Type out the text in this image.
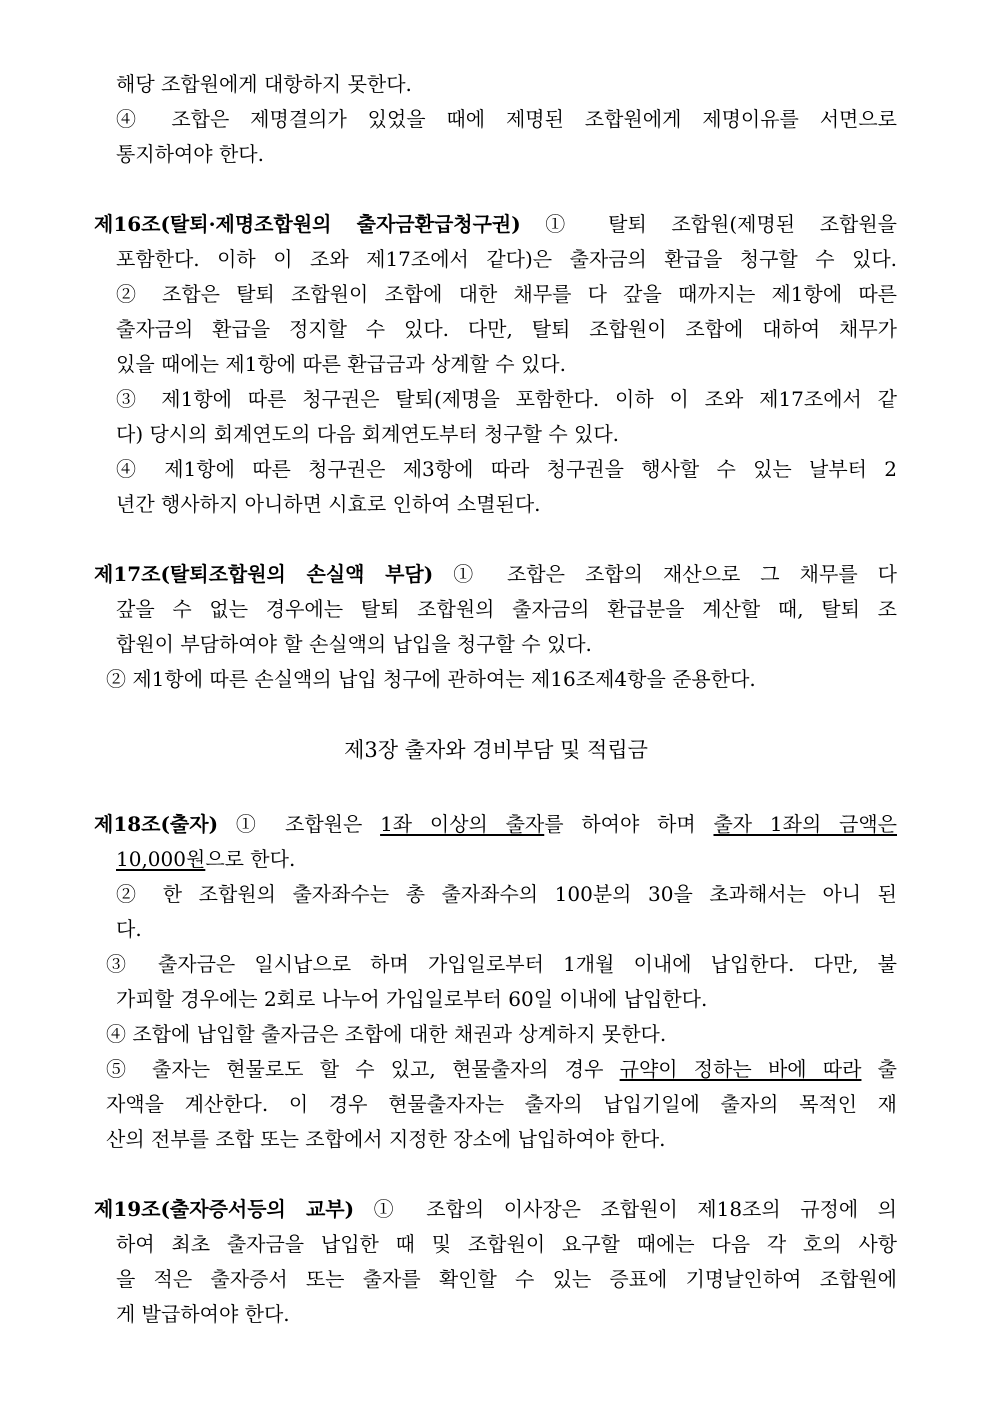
해당 조합원에게 대항하지 못한다.
④ 조합은 제명결의가 있었을 때에 제명된 조합원에게 제명이유를 서면으로
통지하여야 한다.
제16조(탈퇴·제명조합원의 출자금환급청구권) ① 탈퇴 조합원(제명된 조합원을
포함한다. 이하 이 조와 제17조에서 같다)은 출자금의 환급을 청구할 수 있다.
② 조합은 탈퇴 조합원이 조합에 대한 채무를 다 갚을 때까지는 제1항에 따른
출자금의 환급을 정지할 수 있다. 다만, 탈퇴 조합원이 조합에 대하여 채무가
있을 때에는 제1항에 따른 환급금과 상계할 수 있다.
③ 제1항에 따른 청구권은 탈퇴(제명을 포함한다. 이하 이 조와 제17조에서 같
다) 당시의 회계연도의 다음 회계연도부터 청구할 수 있다.
④ 제1항에 따른 청구권은 제3항에 따라 청구권을 행사할 수 있는 날부터 2
년간 행사하지 아니하면 시효로 인하여 소멸된다.
제17조(탈퇴조합원의 손실액 부담) ① 조합은 조합의 재산으로 그 채무를 다
갚을 수 없는 경우에는 탈퇴 조합원의 출자금의 환급분을 계산할 때, 탈퇴 조
합원이 부담하여야 할 손실액의 납입을 청구할 수 있다.
② 제1항에 따른 손실액의 납입 청구에 관하여는 제16조제4항을 준용한다.
제3장 출자와 경비부담 및 적립금
제18조(출자) ① 조합원은 1좌 이상의 출자를 하여야 하며 출자 1좌의 금액은
10,000원으로 한다.
② 한 조합원의 출자좌수는 총 출자좌수의 100분의 30을 초과해서는 아니 된
다.
③ 출자금은 일시납으로 하며 가입일로부터 1개월 이내에 납입한다. 다만, 불
가피할 경우에는 2회로 나누어 가입일로부터 60일 이내에 납입한다.
④ 조합에 납입할 출자금은 조합에 대한 채권과 상계하지 못한다.
⑤ 출자는 현물로도 할 수 있고, 현물출자의 경우 규약이 정하는 바에 따라 출
자액을 계산한다. 이 경우 현물출자자는 출자의 납입기일에 출자의 목적인 재
산의 전부를 조합 또는 조합에서 지정한 장소에 납입하여야 한다.
제19조(출자증서등의 교부) ① 조합의 이사장은 조합원이 제18조의 규정에 의
하여 최초 출자금을 납입한 때 및 조합원이 요구할 때에는 다음 각 호의 사항
을 적은 출자증서 또는 출자를 확인할 수 있는 증표에 기명날인하여 조합원에
게 발급하여야 한다.
